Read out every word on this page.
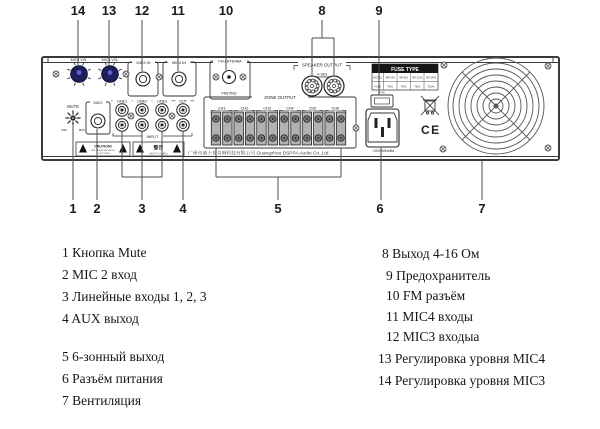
MIC3 VOL	MIC4 VOL
MIC3 IN	MIC4 IN	FM ANTENNA
FM(75Ω)
MUTE
MIN	MAX
MIC2	LINE1 LINE2 LINE3	OUT
INPUT
CAUTION!
RISK OF ELECTRIC SHOCK
DO NOT OPEN
警告
(请勿打开,以免触电)	广州市迪士普音响科技有限公司 Guangzhou DSPPA Audio Co.,Ltd.
ZONE OUTPUT
SPEAKER OUTPUT
4-16Ω
FUSE TYPE
F 8A
~220V/50Hz/8A
CE
CH1	CH2	CH3	CH4	CH5	CH6
MODEL MP-240 MP-610 MP-1010 MP-2425
FUSE T3AL	T5AL	T8AL	T10AL
14 13 12	11	10	8	9
1	2	3	4	5	6	7
1 Кнопка Mute
2 MIC 2 вход
3 Линейные входы 1, 2, 3
4 AUX выход
5 6-зонный выход
6 Разъём питания
7 Вентиляция
8 Выход 4-16 Ом
9 Предохранитель
10 FM разъём
11 MIC4 входы
12 MIC3 входыа
13 Регулировка уровня MIC4
14 Регулировка уровня MIC3
